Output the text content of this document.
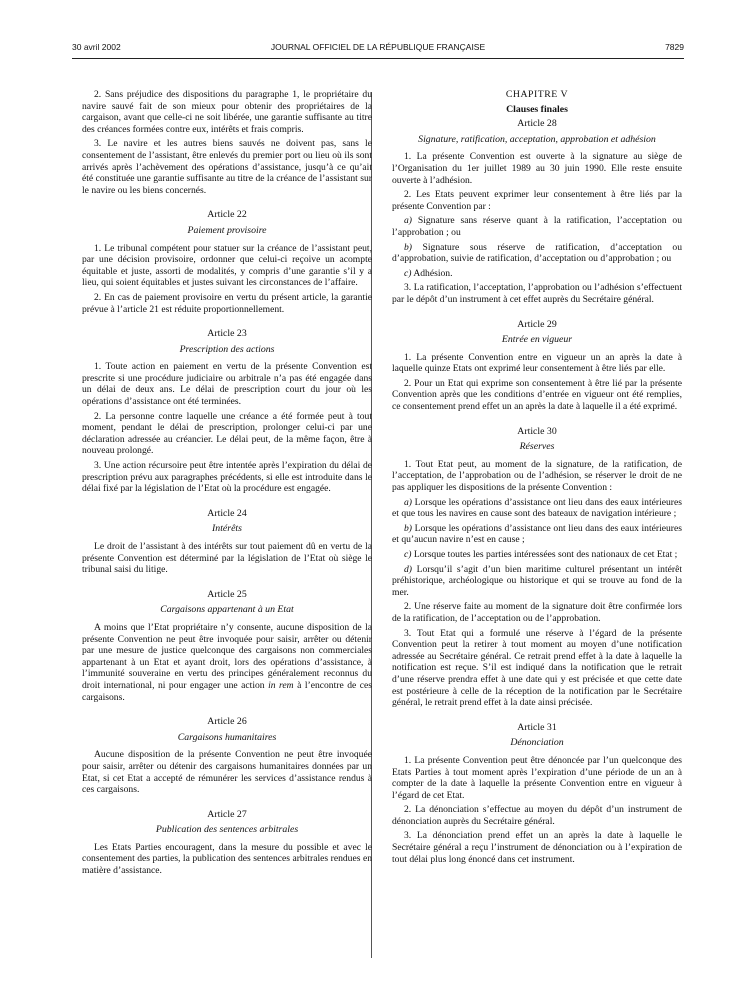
30 avril 2002	JOURNAL OFFICIEL DE LA RÉPUBLIQUE FRANÇAISE	7829

2. Sans préjudice des dispositions du paragraphe 1, le propriétaire du navire sauvé fait de son mieux pour obtenir des propriétaires de la cargaison, avant que celle-ci ne soit libérée, une garantie suffisante au titre des créances formées contre eux, intérêts et frais compris.

3. Le navire et les autres biens sauvés ne doivent pas, sans le consentement de l’assistant, être enlevés du premier port ou lieu où ils sont arrivés après l’achèvement des opérations d’assistance, jusqu’à ce qu’ait été constituée une garantie suffisante au titre de la créance de l’assistant sur le navire ou les biens concernés.

Article 22
Paiement provisoire

1. Le tribunal compétent pour statuer sur la créance de l’assistant peut, par une décision provisoire, ordonner que celui-ci reçoive un acompte équitable et juste, assorti de modalités, y compris d’une garantie s’il y a lieu, qui soient équitables et justes suivant les circonstances de l’affaire.

2. En cas de paiement provisoire en vertu du présent article, la garantie prévue à l’article 21 est réduite proportionnellement.

Article 23
Prescription des actions

1. Toute action en paiement en vertu de la présente Convention est prescrite si une procédure judiciaire ou arbitrale n’a pas été engagée dans un délai de deux ans. Le délai de prescription court du jour où les opérations d’assistance ont été terminées.

2. La personne contre laquelle une créance a été formée peut à tout moment, pendant le délai de prescription, prolonger celui-ci par une déclaration adressée au créancier. Le délai peut, de la même façon, être à nouveau prolongé.

3. Une action récursoire peut être intentée après l’expiration du délai de prescription prévu aux paragraphes précédents, si elle est introduite dans le délai fixé par la législation de l’Etat où la procédure est engagée.

Article 24
Intérêts

Le droit de l’assistant à des intérêts sur tout paiement dû en vertu de la présente Convention est déterminé par la législation de l’Etat où siège le tribunal saisi du litige.

Article 25
Cargaisons appartenant à un Etat

A moins que l’Etat propriétaire n’y consente, aucune disposition de la présente Convention ne peut être invoquée pour saisir, arrêter ou détenir par une mesure de justice quelconque des cargaisons non commerciales appartenant à un Etat et ayant droit, lors des opérations d’assistance, à l’immunité souveraine en vertu des principes généralement reconnus du droit international, ni pour engager une action in rem à l’encontre de ces cargaisons.

Article 26
Cargaisons humanitaires

Aucune disposition de la présente Convention ne peut être invoquée pour saisir, arrêter ou détenir des cargaisons humanitaires données par un Etat, si cet Etat a accepté de rémunérer les services d’assistance rendus à ces cargaisons.

Article 27
Publication des sentences arbitrales

Les Etats Parties encouragent, dans la mesure du possible et avec le consentement des parties, la publication des sentences arbitrales rendues en matière d’assistance.

CHAPITRE V
Clauses finales
Article 28
Signature, ratification, acceptation, approbation et adhésion

1. La présente Convention est ouverte à la signature au siège de l’Organisation du 1er juillet 1989 au 30 juin 1990. Elle reste ensuite ouverte à l’adhésion.

2. Les Etats peuvent exprimer leur consentement à être liés par la présente Convention par :

a) Signature sans réserve quant à la ratification, l’acceptation ou l’approbation ; ou

b) Signature sous réserve de ratification, d’acceptation ou d’approbation, suivie de ratification, d’acceptation ou d’approbation ; ou

c) Adhésion.

3. La ratification, l’acceptation, l’approbation ou l’adhésion s’effectuent par le dépôt d’un instrument à cet effet auprès du Secrétaire général.

Article 29
Entrée en vigueur

1. La présente Convention entre en vigueur un an après la date à laquelle quinze Etats ont exprimé leur consentement à être liés par elle.

2. Pour un Etat qui exprime son consentement à être lié par la présente Convention après que les conditions d’entrée en vigueur ont été remplies, ce consentement prend effet un an après la date à laquelle il a été exprimé.

Article 30
Réserves

1. Tout Etat peut, au moment de la signature, de la ratification, de l’acceptation, de l’approbation ou de l’adhésion, se réserver le droit de ne pas appliquer les dispositions de la présente Convention :

a) Lorsque les opérations d’assistance ont lieu dans des eaux intérieures et que tous les navires en cause sont des bateaux de navigation intérieure ;

b) Lorsque les opérations d’assistance ont lieu dans des eaux intérieures et qu’aucun navire n’est en cause ;

c) Lorsque toutes les parties intéressées sont des nationaux de cet Etat ;

d) Lorsqu’il s’agit d’un bien maritime culturel présentant un intérêt préhistorique, archéologique ou historique et qui se trouve au fond de la mer.

2. Une réserve faite au moment de la signature doit être confirmée lors de la ratification, de l’acceptation ou de l’approbation.

3. Tout Etat qui a formulé une réserve à l’égard de la présente Convention peut la retirer à tout moment au moyen d’une notification adressée au Secrétaire général. Ce retrait prend effet à la date à laquelle la notification est reçue. S’il est indiqué dans la notification que le retrait d’une réserve prendra effet à une date qui y est précisée et que cette date est postérieure à celle de la réception de la notification par le Secrétaire général, le retrait prend effet à la date ainsi précisée.

Article 31
Dénonciation

1. La présente Convention peut être dénoncée par l’un quelconque des Etats Parties à tout moment après l’expiration d’une période de un an à compter de la date à laquelle la présente Convention entre en vigueur à l’égard de cet Etat.

2. La dénonciation s’effectue au moyen du dépôt d’un instrument de dénonciation auprès du Secrétaire général.

3. La dénonciation prend effet un an après la date à laquelle le Secrétaire général a reçu l’instrument de dénonciation ou à l’expiration de tout délai plus long énoncé dans cet instrument.
